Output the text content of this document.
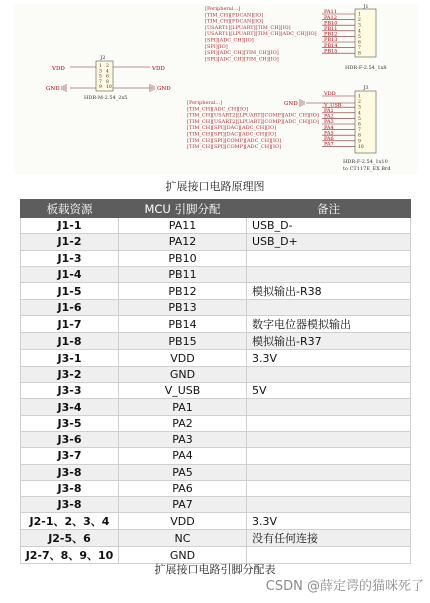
[Peripheral...]
[TIM_CH][FDCAN][IO]
[TIM_CH][FDCAN][IO]
[USART1][LPUART][TIM_CH][IO]
[USART1][LPUART][TIM_CH][ADC_CH][IO]
[SPI][ADC_CH][IO]
[SPI][IO]
[SPI][ADC_CH][TIM_CH][IO]
[SPI][ADC_CH][TIM_CH][IO]
PA11
PA12
PB10
PB11
PB12
PB13
PB14
PB15
1
2
3
4
5
6
7
8
J1
HDR-F-2.54_1x8
J2
1
3
5
7
9
2
4
6
8
10
VDD	VDD
GND	GND
HDR-M-2.54_2x5
[Peripheral...]
[TIM_CH][ADC_CH][IO]
[TIM_CH][USART2][LPUART][COMP][ADC_CH][IO]
[TIM_CH][USART2][LPUART][COMP][ADC_CH][IO]
[TIM_CH][SPI][DAC][ADC_CH][IO]
[TIM_CH][SPI][DAC][ADC_CH][IO]
[TIM_CH][SPI][COMP][ADC_CH][IO]
[TIM_CH][SPI][COMP][ADC_CH][IO]
VDD
V_USB
PA1
PA2
PA3
PA4
PA5
PA6
PA7
GND
1
2
3
4
5
6
7
8
9
10
J3
HDR-F-2.54_1x10
to CT117E_EX Brd
扩展接口电路原理图
板载资源	MCU 引脚分配	备注
J1-1	PA11	USB_D-
J1-2	PA12	USB_D+
J1-3	PB10	
J1-4	PB11	
J1-5	PB12	模拟输出-R38
J1-6	PB13	
J1-7	PB14	数字电位器模拟输出
J1-8	PB15	模拟输出-R37
J3-1	VDD	3.3V
J3-2	GND	
J3-3	V_USB	5V
J3-4	PA1	
J3-5	PA2	
J3-6	PA3	
J3-7	PA4	
J3-8	PA5	
J3-8	PA6	
J3-8	PA7	
J2-1、2、3、4	VDD	3.3V
J2-5、6	NC	没有任何连接
J2-7、8、9、10	GND	
扩展接口电路引脚分配表
CSDN @薛定谔的猫咪死了
